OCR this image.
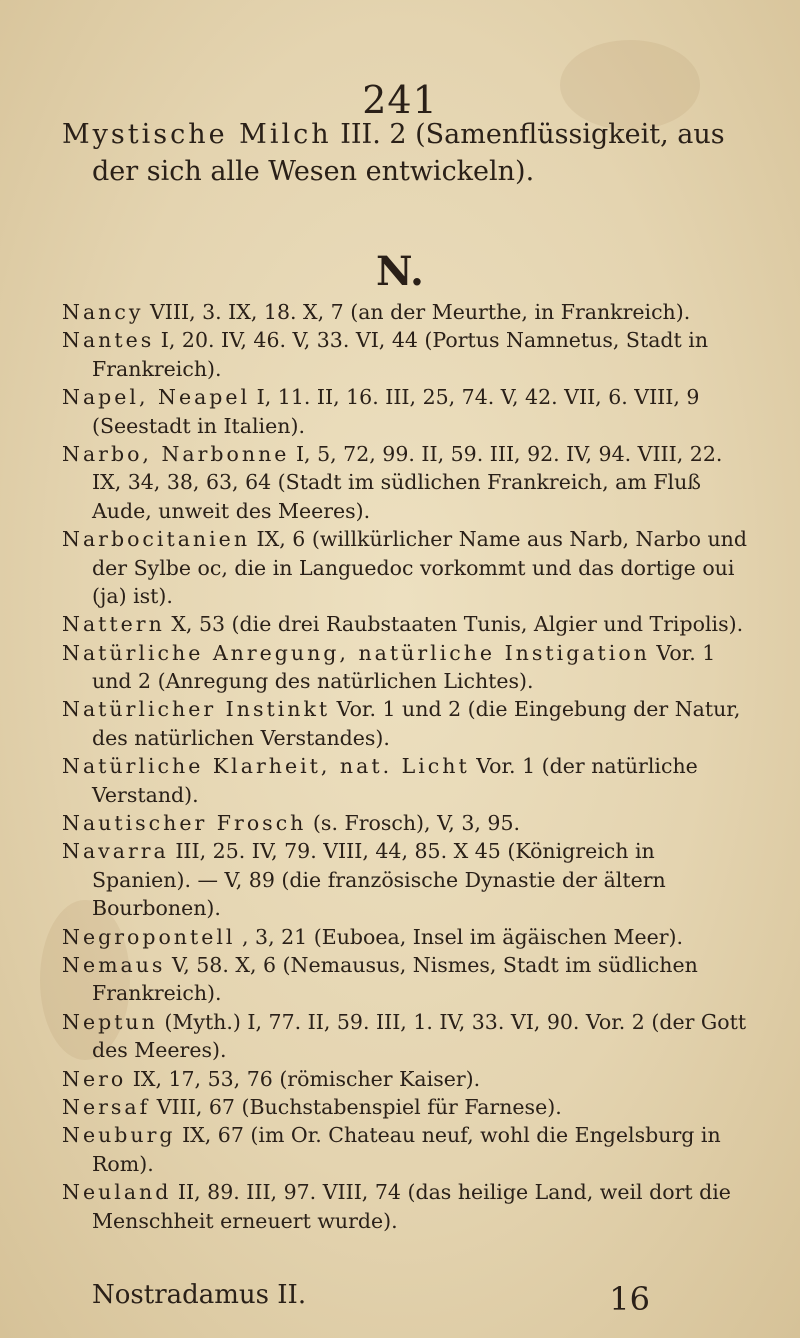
241

Mystische Milch III. 2 (Samenflüssigkeit, aus der sich alle Wesen entwickeln).

N.

Nancy VIII, 3. IX, 18. X, 7 (an der Meurthe, in Frankreich).

Nantes I, 20. IV, 46. V, 33. VI, 44 (Portus Namnetus, Stadt in Frankreich).

Napel, Neapel I, 11. II, 16. III, 25, 74. V, 42. VII, 6. VIII, 9 (Seestadt in Italien).

Narbo, Narbonne I, 5, 72, 99. II, 59. III, 92. IV, 94. VIII, 22. IX, 34, 38, 63, 64 (Stadt im südlichen Frankreich, am Fluß Aude, unweit des Meeres).

Narbocitanien IX, 6 (willkürlicher Name aus Narb, Narbo und der Sylbe oc, die in Languedoc vorkommt und das dortige oui (ja) ist).

Nattern X, 53 (die drei Raubstaaten Tunis, Algier und Tripolis).

Natürliche Anregung, natürliche Instigation Vor. 1 und 2 (Anregung des natürlichen Lichtes).

Natürlicher Instinkt Vor. 1 und 2 (die Eingebung der Natur, des natürlichen Verstandes).

Natürliche Klarheit, nat. Licht Vor. 1 (der natürliche Verstand).

Nautischer Frosch (s. Frosch), V, 3, 95.

Navarra III, 25. IV, 79. VIII, 44, 85. X 45 (Königreich in Spanien). — V, 89 (die französische Dynastie der ältern Bourbonen).

Negropontell , 3, 21 (Euboea, Insel im ägäischen Meer).

Nemaus V, 58. X, 6 (Nemausus, Nismes, Stadt im südlichen Frankreich).

Neptun (Myth.) I, 77. II, 59. III, 1. IV, 33. VI, 90. Vor. 2 (der Gott des Meeres).

Nero IX, 17, 53, 76 (römischer Kaiser).

Nersaf VIII, 67 (Buchstabenspiel für Farnese).

Neuburg IX, 67 (im Or. Chateau neuf, wohl die Engelsburg in Rom).

Neuland II, 89. III, 97. VIII, 74 (das heilige Land, weil dort die Menschheit erneuert wurde).

Nostradamus II.	16
